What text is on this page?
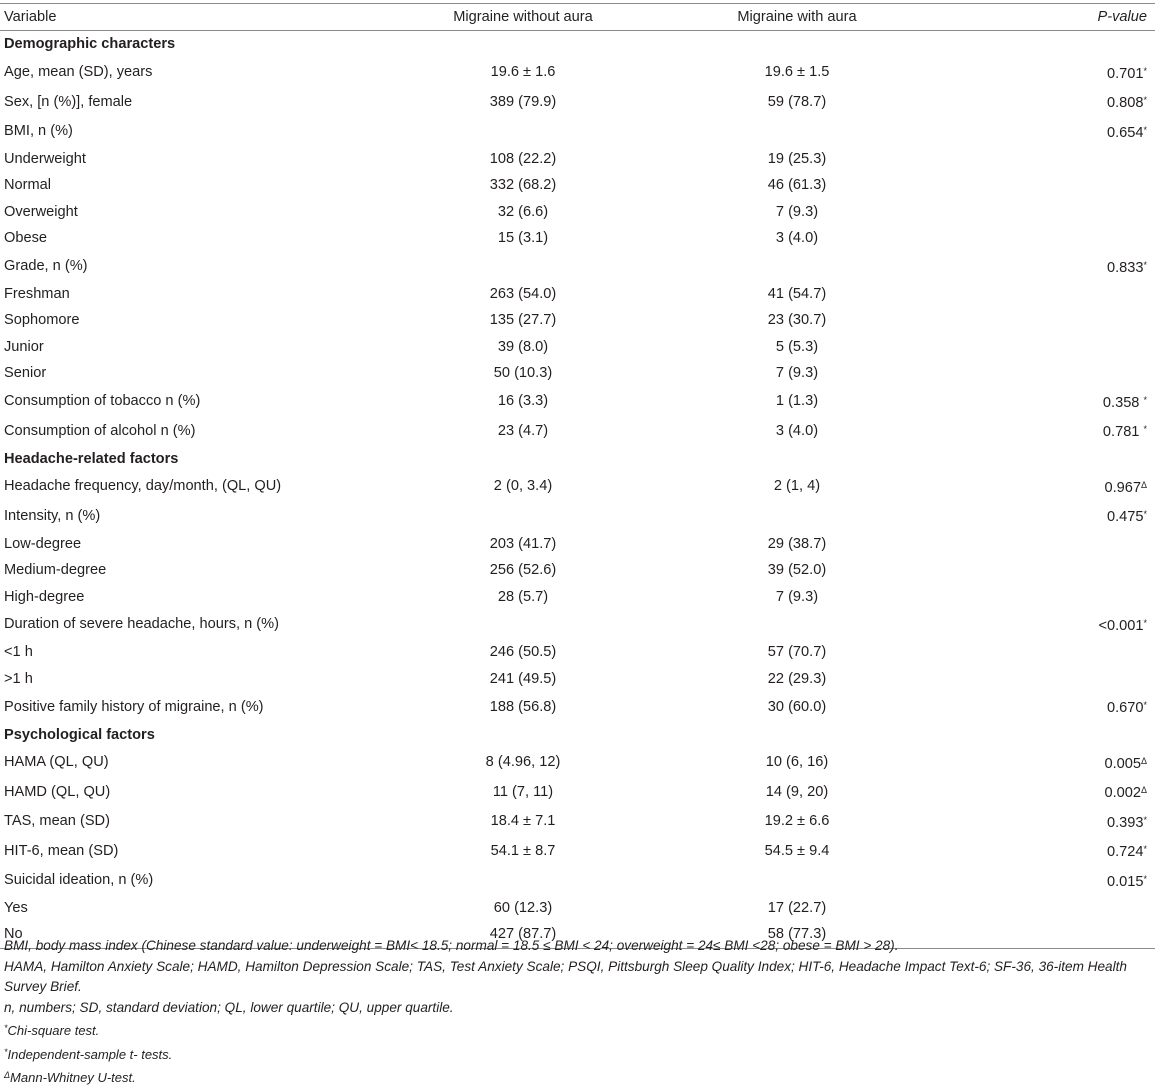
Variable	Migraine without aura	Migraine with aura	P-value
Demographic characters			
Age, mean (SD), years	19.6 ± 1.6	19.6 ± 1.5	0.701*
Sex, [n (%)], female	389 (79.9)	59 (78.7)	0.808*
BMI, n (%)			0.654*
Underweight	108 (22.2)	19 (25.3)	
Normal	332 (68.2)	46 (61.3)	
Overweight	32 (6.6)	7 (9.3)	
Obese	15 (3.1)	3 (4.0)	
Grade, n (%)			0.833*
Freshman	263 (54.0)	41 (54.7)	
Sophomore	135 (27.7)	23 (30.7)	
Junior	39 (8.0)	5 (5.3)	
Senior	50 (10.3)	7 (9.3)	
Consumption of tobacco n (%)	16 (3.3)	1 (1.3)	0.358 *
Consumption of alcohol n (%)	23 (4.7)	3 (4.0)	0.781 *
Headache-related factors			
Headache frequency, day/month, (QL, QU)	2 (0, 3.4)	2 (1, 4)	$0.967^\Delta$
Intensity, n (%)			0.475*
Low-degree	203 (41.7)	29 (38.7)	
Medium-degree	256 (52.6)	39 (52.0)	
High-degree	28 (5.7)	7 (9.3)	
Duration of severe headache, hours, n (%)			<0.001*
<1 h	246 (50.5)	57 (70.7)	
>1 h	241 (49.5)	22 (29.3)	
Positive family history of migraine, n (%)	188 (56.8)	30 (60.0)	0.670*
Psychological factors			
HAMA (QL, QU)	8 (4.96, 12)	10 (6, 16)	$0.005^\Delta$
HAMD (QL, QU)	11 (7, 11)	14 (9, 20)	$0.002^\Delta$
TAS, mean (SD)	18.4 ± 7.1	19.2 ± 6.6	0.393*
HIT-6, mean (SD)	54.1 ± 8.7	54.5 ± 9.4	0.724*
Suicidal ideation, n (%)			0.015*
Yes	60 (12.3)	17 (22.7)	
No	427 (87.7)	58 (77.3)	
BMI, body mass index (Chinese standard value: underweight = BMI< 18.5; normal = 18.5 ≤ BMI < 24; overweight = 24≤ BMI <28; obese = BMI > 28).
HAMA, Hamilton Anxiety Scale; HAMD, Hamilton Depression Scale; TAS, Test Anxiety Scale; PSQI, Pittsburgh Sleep Quality Index; HIT-6, Headache Impact Text-6; SF-36, 36-item Health Survey Brief.
n, numbers; SD, standard deviation; QL, lower quartile; QU, upper quartile.
*Chi-square test.
*Independent-sample t- tests.
$^\Delta$Mann-Whitney U-test.
